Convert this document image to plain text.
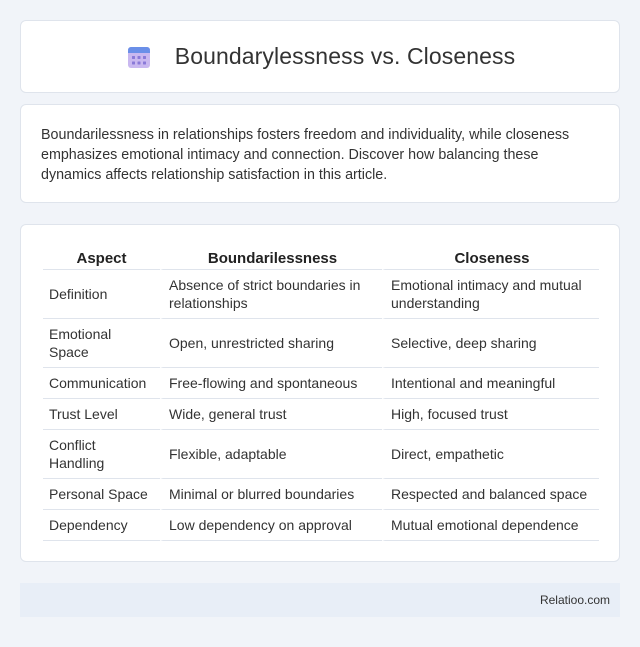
Boundarylessness vs. Closeness

Boundarilessness in relationships fosters freedom and individuality, while closeness emphasizes emotional intimacy and connection. Discover how balancing these dynamics affects relationship satisfaction in this article.

Aspect	Boundarilessness	Closeness
Definition	Absence of strict boundaries in relationships	Emotional intimacy and mutual understanding
Emotional Space	Open, unrestricted sharing	Selective, deep sharing
Communication	Free-flowing and spontaneous	Intentional and meaningful
Trust Level	Wide, general trust	High, focused trust
Conflict Handling	Flexible, adaptable	Direct, empathetic
Personal Space	Minimal or blurred boundaries	Respected and balanced space
Dependency	Low dependency on approval	Mutual emotional dependence
Relatioo.com
